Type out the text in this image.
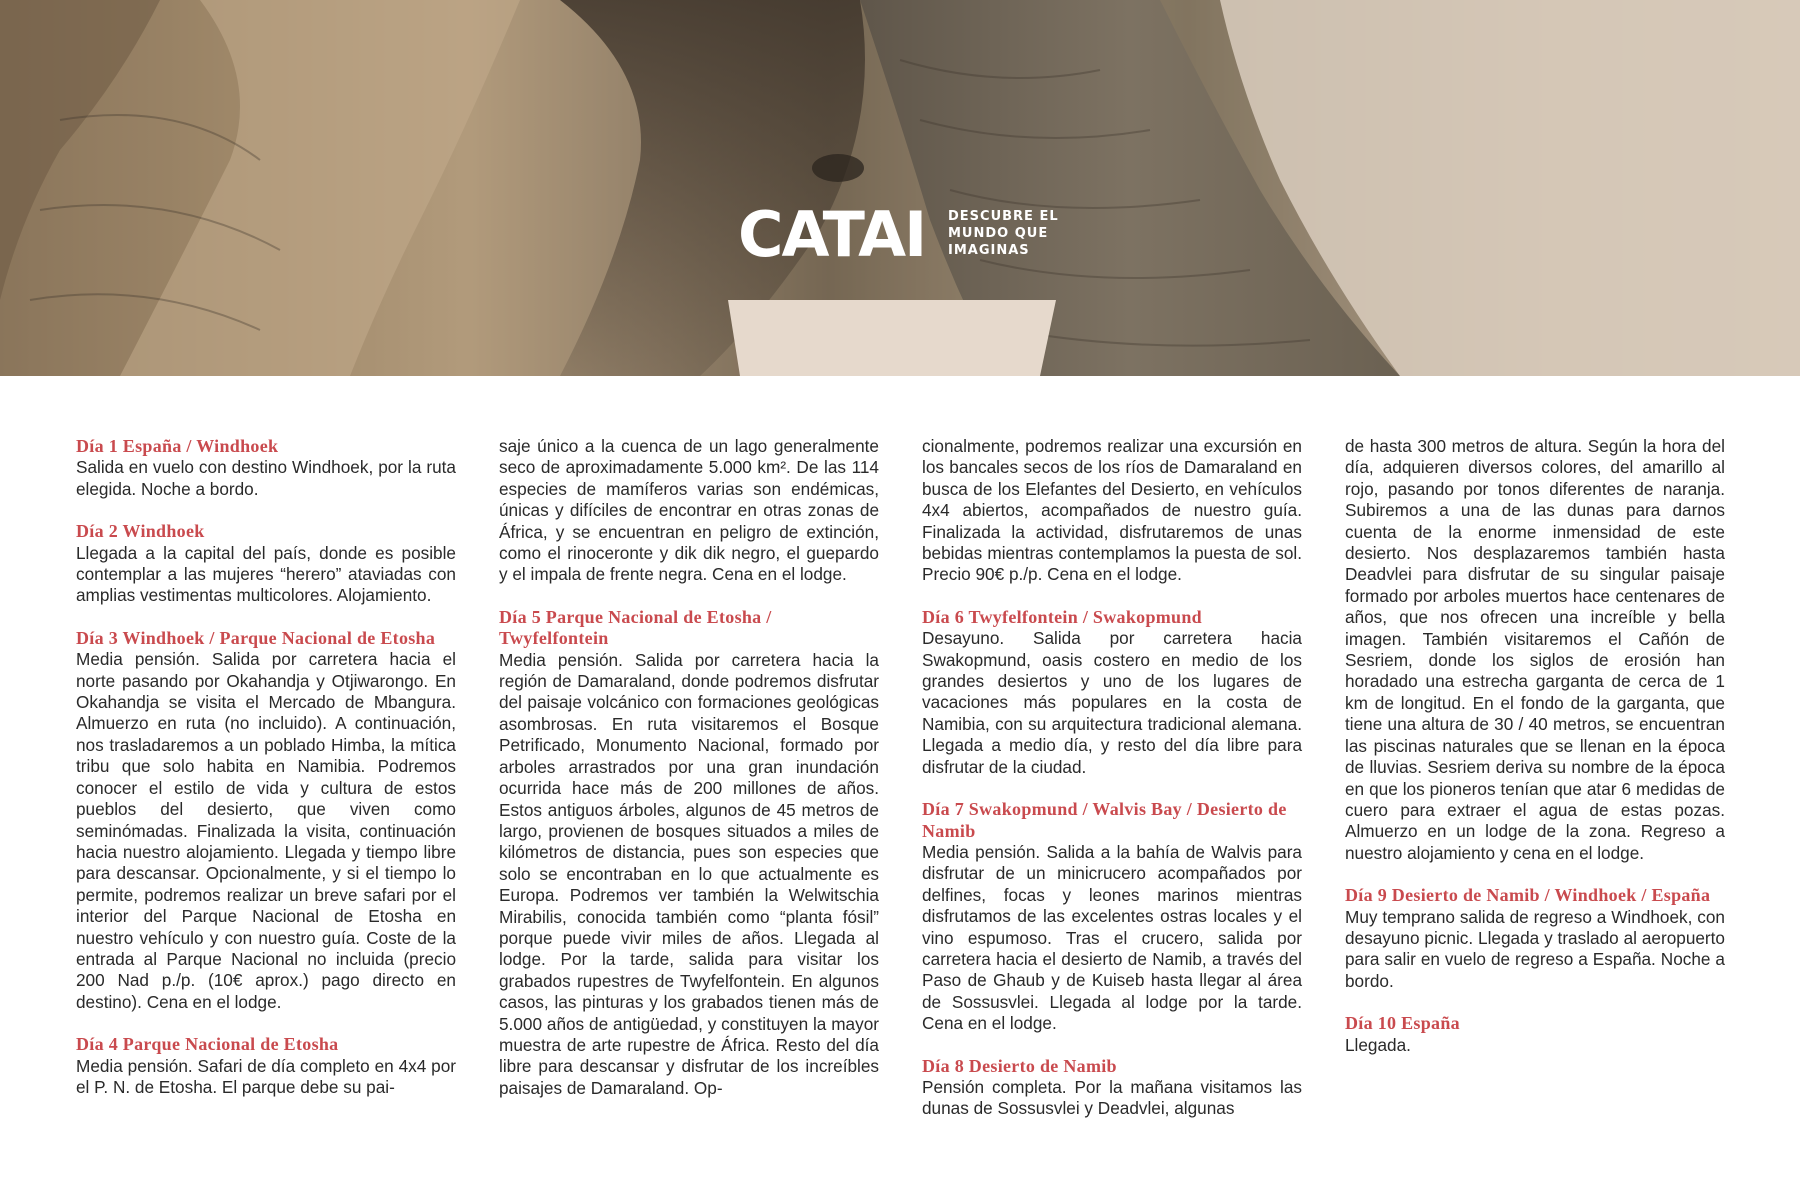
CATAI DESCUBRE EL
MUNDO QUE
IMAGINAS
Día 1 España / Windhoek

Salida en vuelo con destino Windhoek, por la ruta elegida. Noche a bordo.

Día 2 Windhoek

Llegada a la capital del país, donde es posible contemplar a las mujeres “herero” ataviadas con amplias vestimentas multicolores. Alojamiento.

Día 3 Windhoek / Parque Nacional de Etosha

Media pensión. Salida por carretera hacia el norte pasando por Okahandja y Otjiwarongo. En Okahandja se visita el Mercado de Mbangura. Almuerzo en ruta (no incluido). A continuación, nos trasladaremos a un poblado Himba, la mítica tribu que solo habita en Namibia. Podremos conocer el estilo de vida y cultura de estos pueblos del desierto, que viven como seminómadas. Finalizada la visita, continuación hacia nuestro alojamiento. Llegada y tiempo libre para descansar. Opcionalmente, y si el tiempo lo permite, podremos realizar un breve safari por el interior del Parque Nacional de Etosha en nuestro vehículo y con nuestro guía. Coste de la entrada al Parque Nacional no incluida (precio 200 Nad p./p. (10€ aprox.) pago directo en destino). Cena en el lodge.

Día 4 Parque Nacional de Etosha

Media pensión. Safari de día completo en 4x4 por el P. N. de Etosha. El parque debe su pai-

saje único a la cuenca de un lago generalmente seco de aproximadamente 5.000 km². De las 114 especies de mamíferos varias son endémicas, únicas y difíciles de encontrar en otras zonas de África, y se encuentran en peligro de extinción, como el rinoceronte y dik dik negro, el guepardo y el impala de frente negra. Cena en el lodge.

Día 5 Parque Nacional de Etosha / Twyfelfontein

Media pensión. Salida por carretera hacia la región de Damaraland, donde podremos disfrutar del paisaje volcánico con formaciones geológicas asombrosas. En ruta visitaremos el Bosque Petrificado, Monumento Nacional, formado por arboles arrastrados por una gran inundación ocurrida hace más de 200 millones de años. Estos antiguos árboles, algunos de 45 metros de largo, provienen de bosques situados a miles de kilómetros de distancia, pues son especies que solo se encontraban en lo que actualmente es Europa. Podremos ver también la Welwitschia Mirabilis, conocida también como “planta fósil” porque puede vivir miles de años. Llegada al lodge. Por la tarde, salida para visitar los grabados rupestres de Twyfelfontein. En algunos casos, las pinturas y los grabados tienen más de 5.000 años de antigüedad, y constituyen la mayor muestra de arte rupestre de África. Resto del día libre para descansar y disfrutar de los increíbles paisajes de Damaraland. Op-

cionalmente, podremos realizar una excursión en los bancales secos de los ríos de Damaraland en busca de los Elefantes del Desierto, en vehículos 4x4 abiertos, acompañados de nuestro guía. Finalizada la actividad, disfrutaremos de unas bebidas mientras contemplamos la puesta de sol. Precio 90€ p./p. Cena en el lodge.

Día 6 Twyfelfontein / Swakopmund

Desayuno. Salida por carretera hacia Swakopmund, oasis costero en medio de los grandes desiertos y uno de los lugares de vacaciones más populares en la costa de Namibia, con su arquitectura tradicional alemana. Llegada a medio día, y resto del día libre para disfrutar de la ciudad.

Día 7 Swakopmund / Walvis Bay / Desierto de Namib

Media pensión. Salida a la bahía de Walvis para disfrutar de un minicrucero acompañados por delfines, focas y leones marinos mientras disfrutamos de las excelentes ostras locales y el vino espumoso. Tras el crucero, salida por carretera hacia el desierto de Namib, a través del Paso de Ghaub y de Kuiseb hasta llegar al área de Sossusvlei. Llegada al lodge por la tarde. Cena en el lodge.

Día 8 Desierto de Namib

Pensión completa. Por la mañana visitamos las dunas de Sossusvlei y Deadvlei, algunas

de hasta 300 metros de altura. Según la hora del día, adquieren diversos colores, del amarillo al rojo, pasando por tonos diferentes de naranja. Subiremos a una de las dunas para darnos cuenta de la enorme inmensidad de este desierto. Nos desplazaremos también hasta Deadvlei para disfrutar de su singular paisaje formado por arboles muertos hace centenares de años, que nos ofrecen una increíble y bella imagen. También visitaremos el Cañón de Sesriem, donde los siglos de erosión han horadado una estrecha garganta de cerca de 1 km de longitud. En el fondo de la garganta, que tiene una altura de 30 / 40 metros, se encuentran las piscinas naturales que se llenan en la época de lluvias. Sesriem deriva su nombre de la época en que los pioneros tenían que atar 6 medidas de cuero para extraer el agua de estas pozas. Almuerzo en un lodge de la zona. Regreso a nuestro alojamiento y cena en el lodge.

Día 9 Desierto de Namib / Windhoek / España

Muy temprano salida de regreso a Windhoek, con desayuno picnic. Llegada y traslado al aeropuerto para salir en vuelo de regreso a España. Noche a bordo.

Día 10 España

Llegada.
